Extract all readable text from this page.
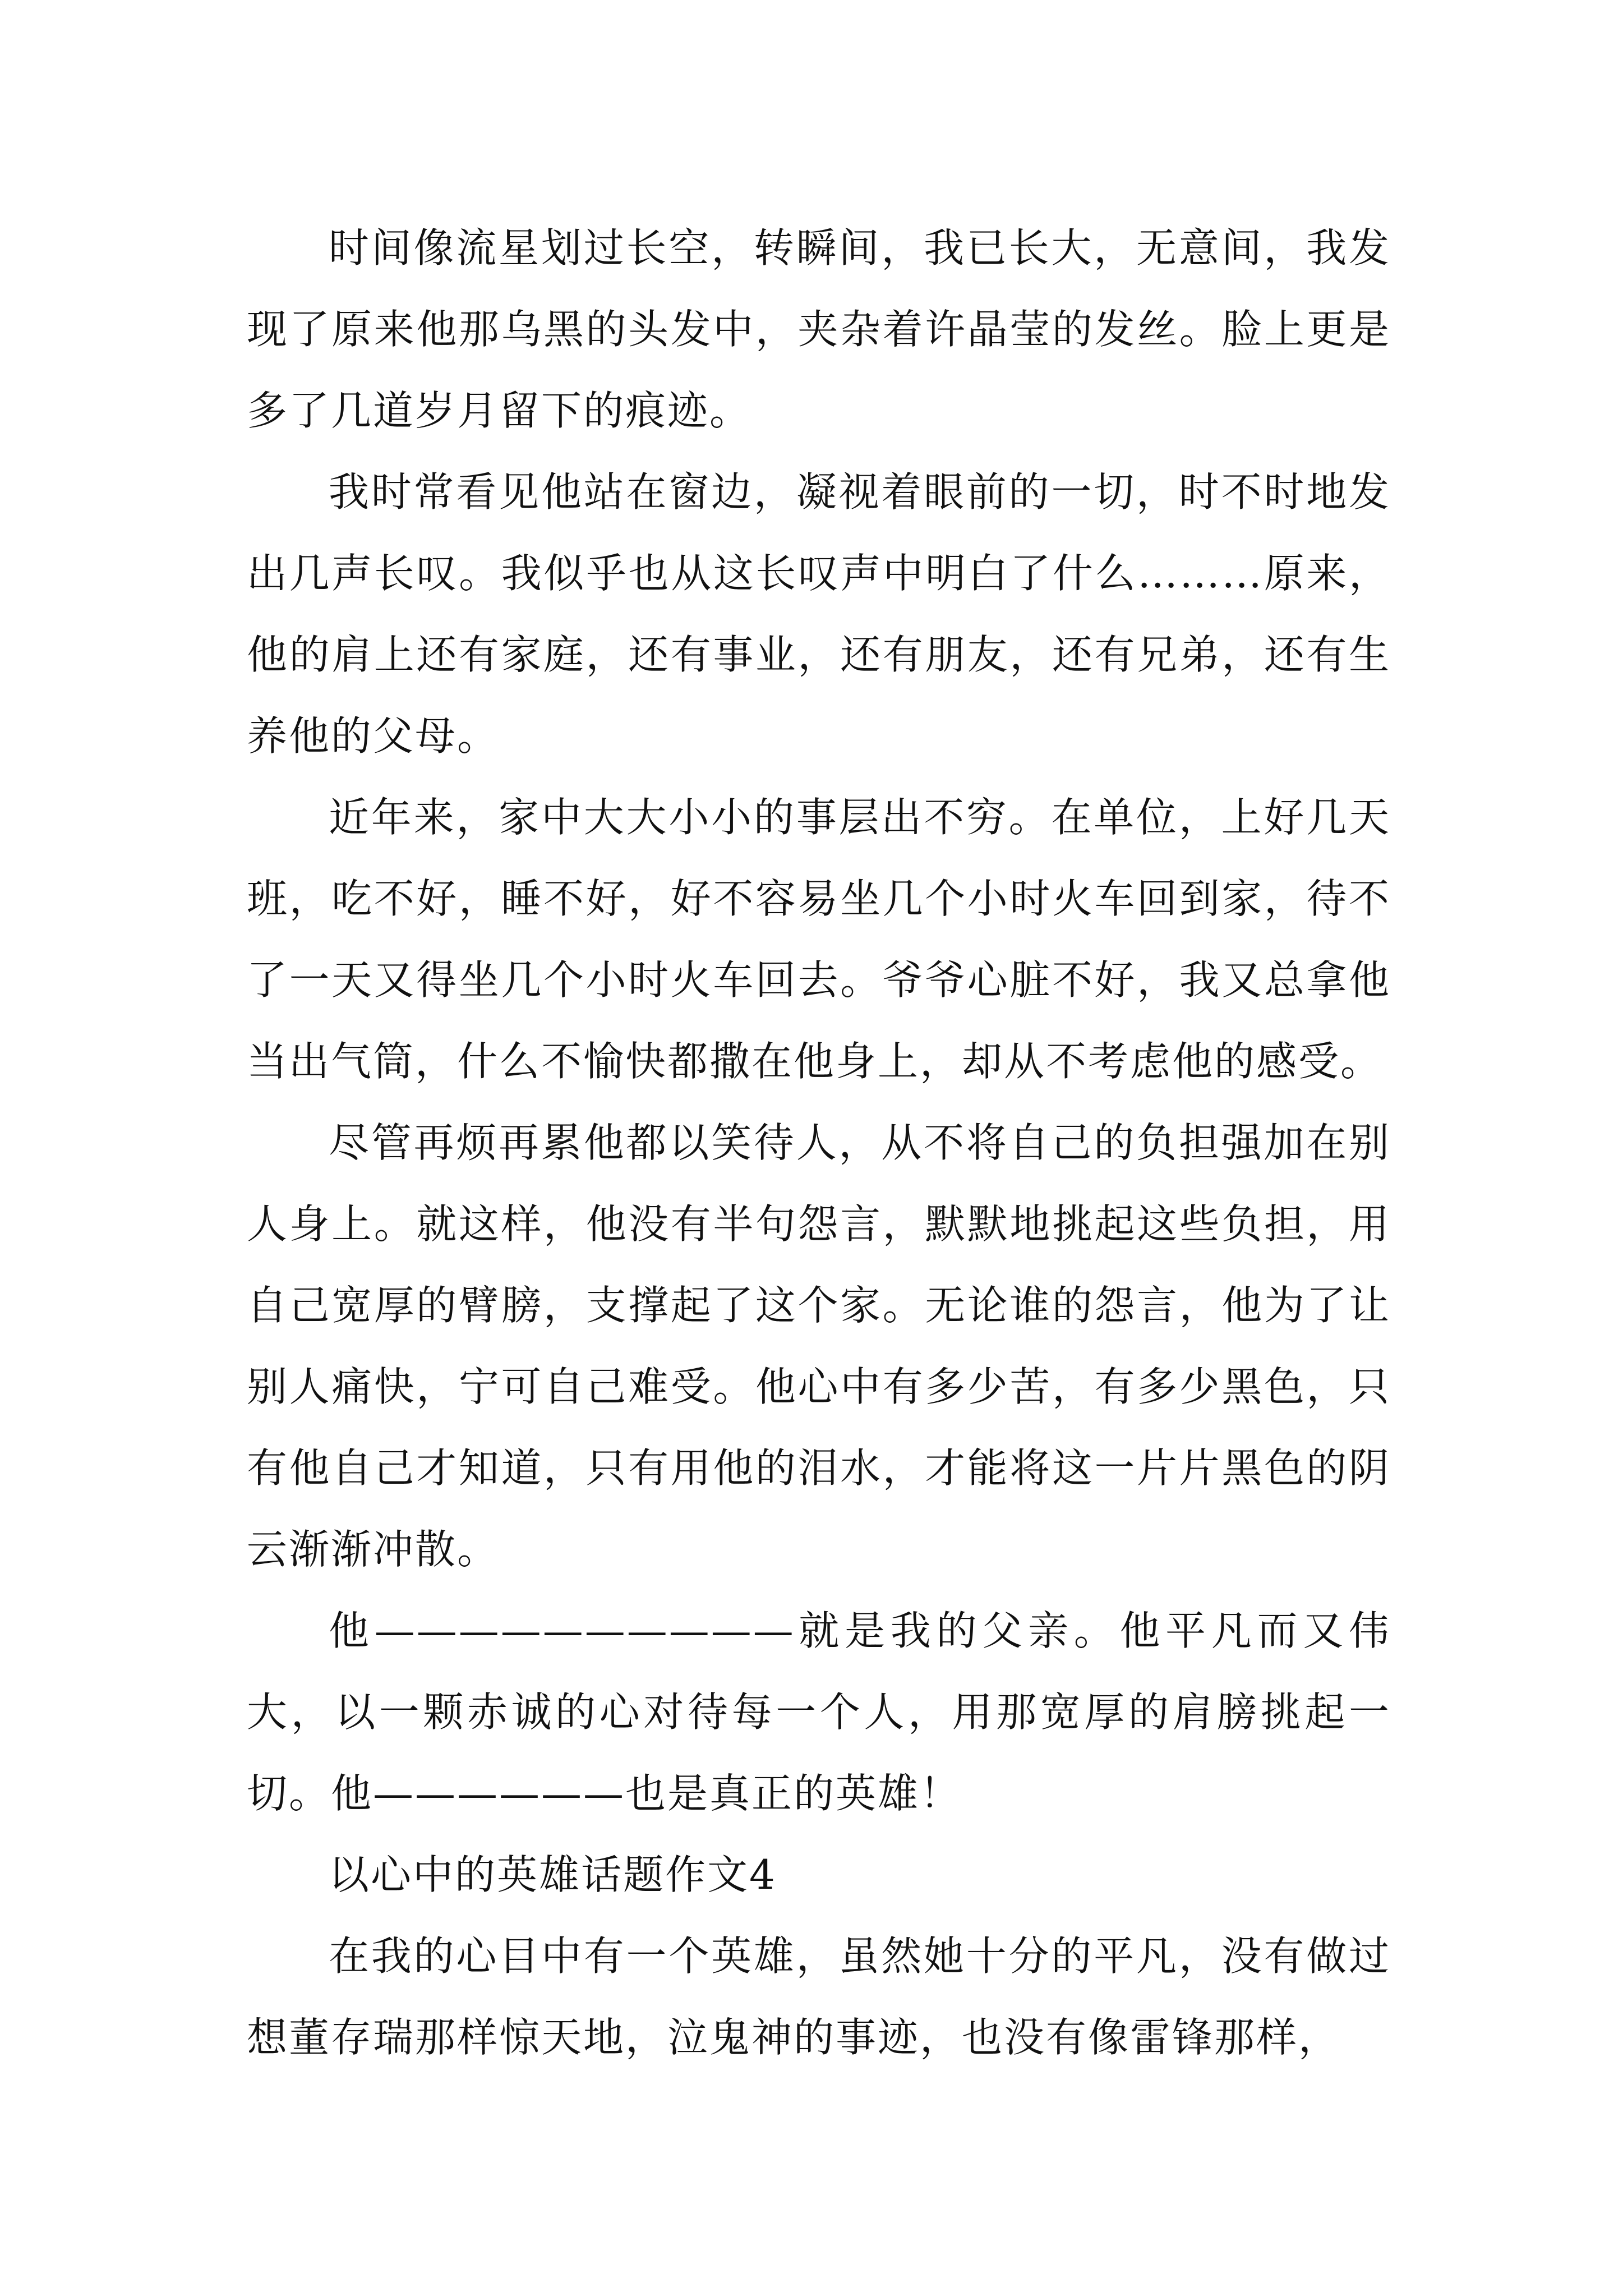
时间像流星划过长空，转瞬间，我已长大，无意间，我发现了原来他那乌黑的头发中，夹杂着许晶莹的发丝。脸上更是多了几道岁月留下的痕迹。

我时常看见他站在窗边，凝视着眼前的一切，时不时地发出几声长叹。我似乎也从这长叹声中明白了什么………原来，他的肩上还有家庭，还有事业，还有朋友，还有兄弟，还有生养他的父母。

近年来，家中大大小小的事层出不穷。在单位，上好几天班，吃不好，睡不好，好不容易坐几个小时火车回到家，待不了一天又得坐几个小时火车回去。爷爷心脏不好，我又总拿他当出气筒，什么不愉快都撒在他身上，却从不考虑他的感受。

尽管再烦再累他都以笑待人，从不将自己的负担强加在别人身上。就这样，他没有半句怨言，默默地挑起这些负担，用自己宽厚的臂膀，支撑起了这个家。无论谁的怨言，他为了让别人痛快，宁可自己难受。他心中有多少苦，有多少黑色，只有他自己才知道，只有用他的泪水，才能将这一片片黑色的阴云渐渐冲散。

他——————————就是我的父亲。他平凡而又伟大，以一颗赤诚的心对待每一个人，用那宽厚的肩膀挑起一切。他——————也是真正的英雄！

以心中的英雄话题作文4

在我的心目中有一个英雄，虽然她十分的平凡，没有做过想董存瑞那样惊天地，泣鬼神的事迹，也没有像雷锋那样，
